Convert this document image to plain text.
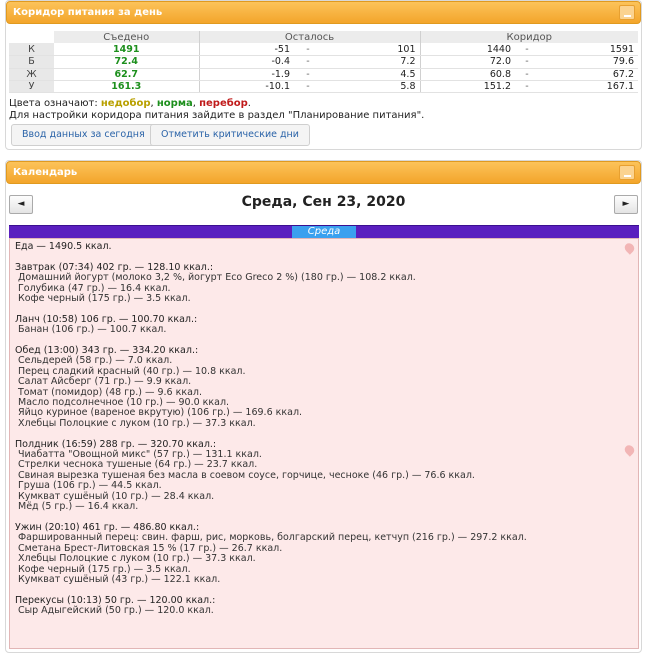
Коридор питания за день
	Съедено	Осталось			Коридор		
К	1491	-51	-	101	1440	-	1591
Б	72.4	-0.4	-	7.2	72.0	-	79.6
Ж	62.7	-1.9	-	4.5	60.8	-	67.2
У	161.3	-10.1	-	5.8	151.2	-	167.1
Цвета означают: недобор, норма, перебор.
Для настройки коридора питания зайдите в раздел "Планирование питания".
Ввод данных за сегодня	Отметить критические дни
Календарь
◄	Среда, Сен 23, 2020	►
Среда
Еда — 1490.5 ккал.
Завтрак (07:34) 402 гр. — 128.10 ккал.:
Домашний йогурт (молоко 3,2 %, йогурт Eco Greco 2 %) (180 гр.) — 108.2 ккал.
Голубика (47 гр.) — 16.4 ккал.
Кофе черный (175 гр.) — 3.5 ккал.
Ланч (10:58) 106 гр. — 100.70 ккал.:
Банан (106 гр.) — 100.7 ккал.
Обед (13:00) 343 гр. — 334.20 ккал.:
Сельдерей (58 гр.) — 7.0 ккал.
Перец сладкий красный (40 гр.) — 10.8 ккал.
Салат Айсберг (71 гр.) — 9.9 ккал.
Томат (помидор) (48 гр.) — 9.6 ккал.
Масло подсолнечное (10 гр.) — 90.0 ккал.
Яйцо куриное (вареное вкрутую) (106 гр.) — 169.6 ккал.
Хлебцы Полоцкие с луком (10 гр.) — 37.3 ккал.
Полдник (16:59) 288 гр. — 320.70 ккал.:
Чиабатта "Овощной микс" (57 гр.) — 131.1 ккал.
Стрелки чеснока тушеные (64 гр.) — 23.7 ккал.
Свиная вырезка тушеная без масла в соевом соусе, горчице, чесноке (46 гр.) — 76.6 ккал.
Груша (106 гр.) — 44.5 ккал.
Кумкват сушёный (10 гр.) — 28.4 ккал.
Мёд (5 гр.) — 16.4 ккал.
Ужин (20:10) 461 гр. — 486.80 ккал.:
Фаршированный перец: свин. фарш, рис, морковь, болгарский перец, кетчуп (216 гр.) — 297.2 ккал.
Сметана Брест-Литовская 15 % (17 гр.) — 26.7 ккал.
Хлебцы Полоцкие с луком (10 гр.) — 37.3 ккал.
Кофе черный (175 гр.) — 3.5 ккал.
Кумкват сушёный (43 гр.) — 122.1 ккал.
Перекусы (10:13) 50 гр. — 120.00 ккал.:
Сыр Адыгейский (50 гр.) — 120.0 ккал.
